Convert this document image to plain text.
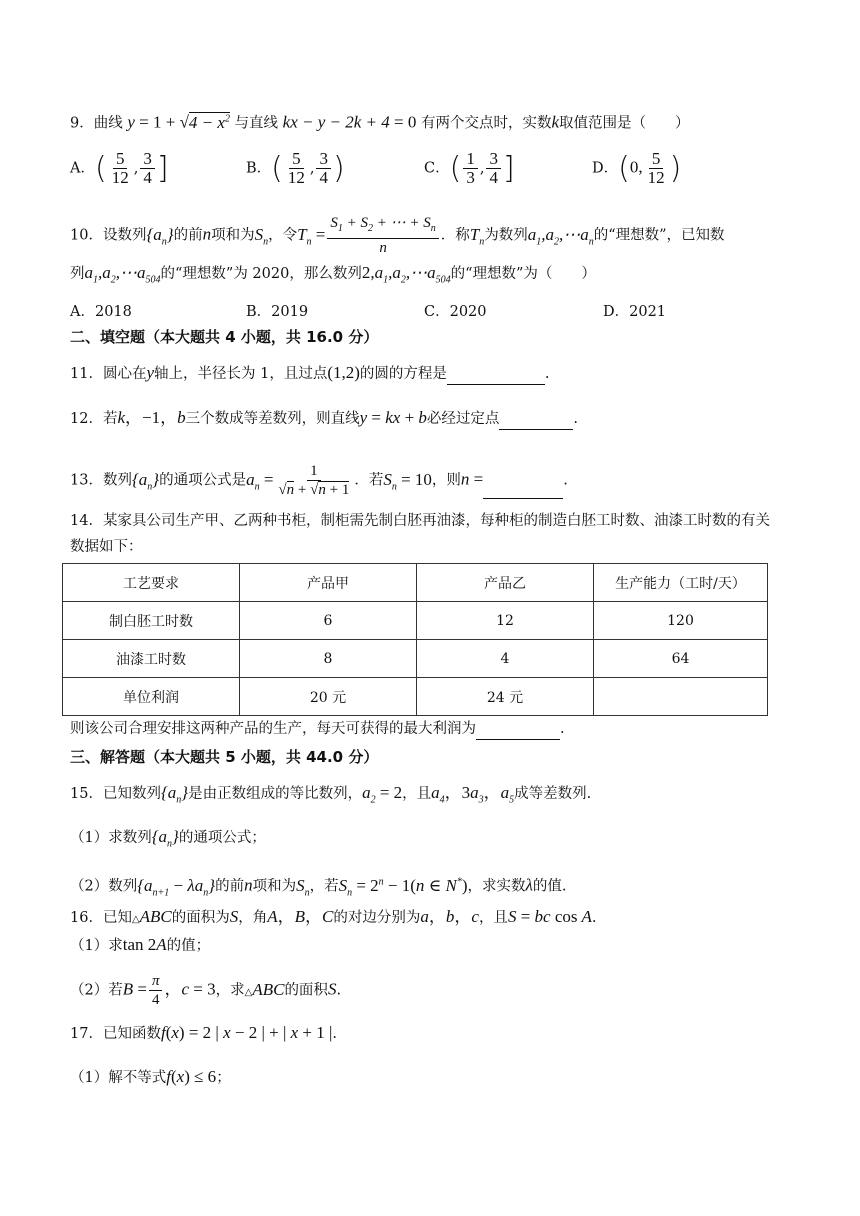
9．曲线 $y = 1 + √4 - x^2$ 与直线 kx − y − 2k + 4 = 0 有两个交点时，实数k取值范围是（　　）
A．( $\frac{5}{12}$ , $\frac{3}{4}$ ]	B．( $\frac{5}{12}$ , $\frac{3}{4}$ )	C．( $\frac{1}{3}$ , $\frac{3}{4}$ ]	D．(0, $\frac{5}{12}$ )
10．设数列$\{a_n\}$的前n项和为$S_n$，令$T_n = \frac{S_1 + S_2 + \cdots + S_n}{n}$ ．称$T_n$为数列$a_1,a_2,\cdots a_n$的“理想数”，已知数
列$a_1,a_2,\cdots a_{504}$的“理想数”为 2020，那么数列$2,a_1,a_2,\cdots a_{504}$的“理想数”为（　　）
A．2018	B．2019	C．2020	D．2021
二、填空题（本大题共 4 小题，共 16.0 分）
11．圆心在y轴上，半径长为 1，且过点(1,2)的圆的方程是	.
12．若k，−1，b三个数成等差数列，则直线y = kx + b必经过定点	.
13．数列$\{a_n\}$的通项公式是$a_n = \frac{1}{√n + √n + 1}$ ．若$S_n = 10$，则n =	.
14．某家具公司生产甲、乙两种书柜，制柜需先制白胚再油漆，每种柜的制造白胚工时数、油漆工时数的有关
数据如下：
工艺要求	产品甲	产品乙	生产能力（工时/天）
制白胚工时数	6	12	120
油漆工时数	8	4	64
单位利润	20 元	24 元	
则该公司合理安排这两种产品的生产，每天可获得的最大利润为	.
三、解答题（本大题共 5 小题，共 44.0 分）
15．已知数列$\{a_n\}$是由正数组成的等比数列，$a_2 = 2$，且$a_4$，$3a_3$，$a_5$成等差数列.
（1）求数列$\{a_n\}$的通项公式；
（2）数列$\{a_{n+1} - \lambda a_n\}$的前n项和为$S_n$，若$S_n = 2^n - 1(n$ ∈ N*)，求实数λ的值.
16．已知△ABC的面积为S，角A，B，C的对边分别为a，b，c，且S = bc cos A.
（1）求tan 2A的值；
（2）若$B = \frac{\pi}{4}$ ，c = 3，求△ABC的面积S.
17．已知函数f(x) = 2 | x − 2 | + | x + 1 |.
（1）解不等式f(x) ≤ 6；
